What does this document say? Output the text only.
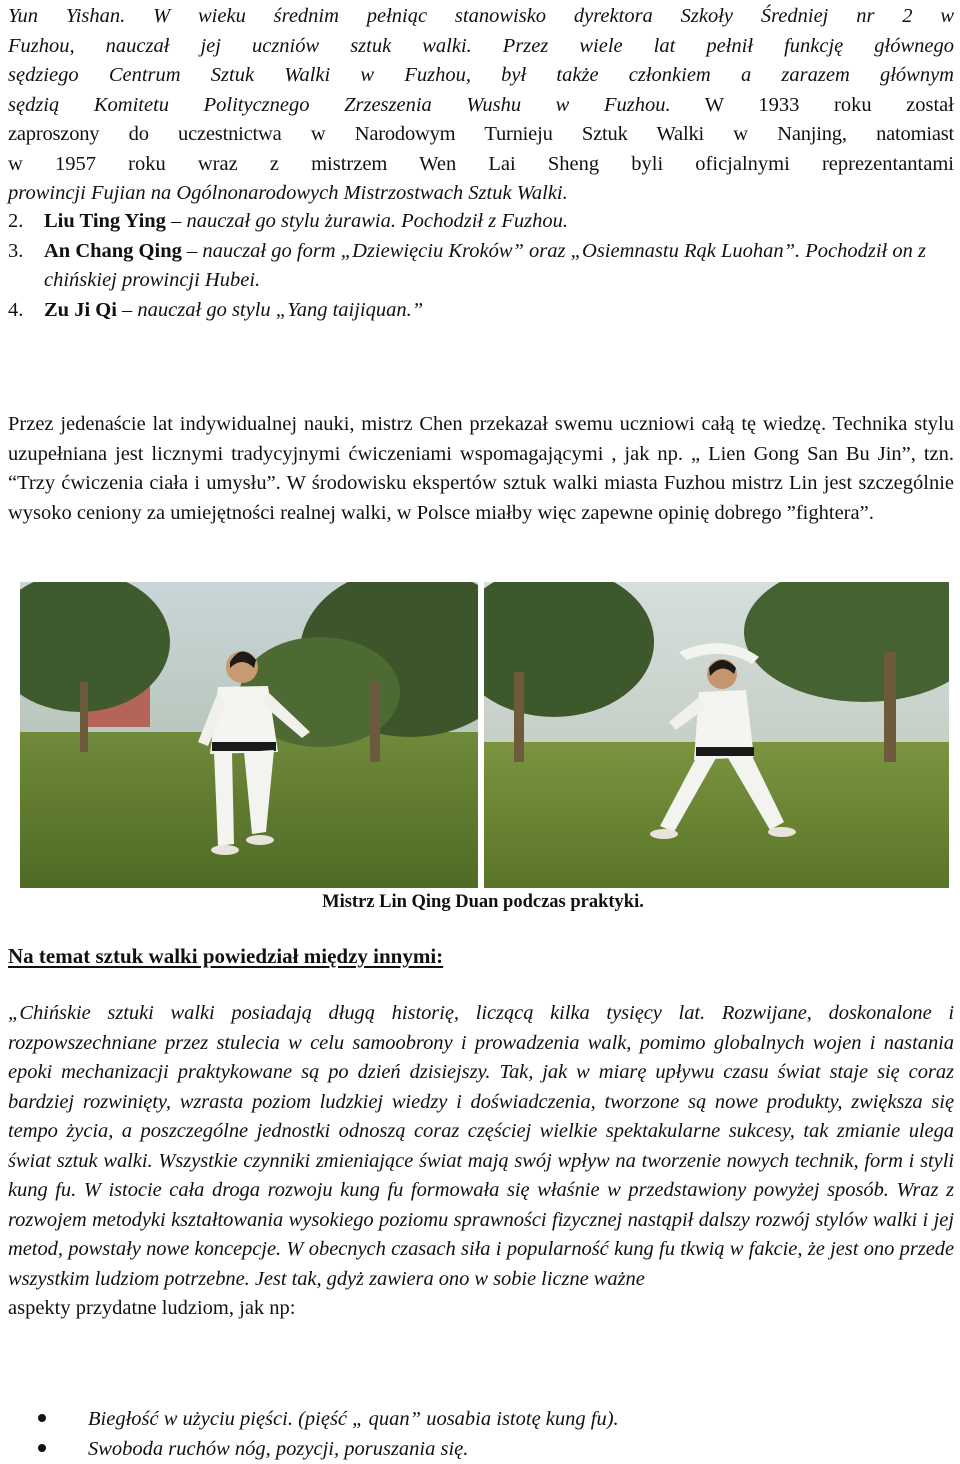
Yun Yishan. W wieku średnim pełniąc stanowisko dyrektora Szkoły Średniej nr 2 w

Fuzhou, nauczał jej uczniów sztuk walki. Przez wiele lat pełnił funkcję głównego

sędziego Centrum Sztuk Walki w Fuzhou, był także członkiem a zarazem głównym

sędzią Komitetu Politycznego Zrzeszenia Wushu w Fuzhou. W 1933 roku został

zaproszony do uczestnictwa w Narodowym Turnieju Sztuk Walki w Nanjing, natomiast

w 1957 roku wraz z mistrzem Wen Lai Sheng byli oficjalnymi reprezentantami

prowincji Fujian na Ogólnonarodowych Mistrzostwach Sztuk Walki.

2.	Liu Ting Ying – nauczał go stylu żurawia. Pochodził z Fuzhou.
3.	An Chang Qing – nauczał go form „Dziewięciu Kroków” oraz „Osiemnastu Rąk Luohan”. Pochodził on z chińskiej prowincji Hubei.
4.	Zu Ji Qi – nauczał go stylu „Yang taijiquan.”

Przez jedenaście lat indywidualnej nauki, mistrz Chen przekazał swemu uczniowi całą tę wiedzę. Technika stylu uzupełniana jest licznymi tradycyjnymi ćwiczeniami wspomagającymi , jak np. „ Lien Gong San Bu Jin”, tzn. “Trzy ćwiczenia ciała i umysłu”. W środowisku ekspertów sztuk walki miasta Fuzhou mistrz Lin jest szczególnie wysoko ceniony za umiejętności realnej walki, w Polsce miałby więc zapewne opinię dobrego ”fightera”.

Mistrz Lin Qing Duan podczas praktyki.
Na temat sztuk walki powiedział między innymi:

„Chińskie sztuki walki posiadają długą historię, liczącą kilka tysięcy lat. Rozwijane, doskonalone i rozpowszechniane przez stulecia w celu samoobrony i prowadzenia walk, pomimo globalnych wojen i nastania epoki mechanizacji praktykowane są po dzień dzisiejszy. Tak, jak w miarę upływu czasu świat staje się coraz bardziej rozwinięty, wzrasta poziom ludzkiej wiedzy i doświadczenia, tworzone są nowe produkty, zwiększa się tempo życia, a poszczególne jednostki odnoszą coraz częściej wielkie spektakularne sukcesy, tak zmianie ulega świat sztuk walki. Wszystkie czynniki zmieniające świat mają swój wpływ na tworzenie nowych technik, form i styli kung fu. W istocie cała droga rozwoju kung fu formowała się właśnie w przedstawiony powyżej sposób. Wraz z rozwojem metodyki kształtowania wysokiego poziomu sprawności fizycznej nastąpił dalszy rozwój stylów walki i jej metod, powstały nowe koncepcje. W obecnych czasach siła i popularność kung fu tkwią w fakcie, że jest ono przede wszystkim ludziom potrzebne. Jest tak, gdyż zawiera ono w sobie liczne ważne

aspekty przydatne ludziom, jak np:

Biegłość w użyciu pięści. (pięść „ quan” uosabia istotę kung fu).
Swoboda ruchów nóg, pozycji, poruszania się.
